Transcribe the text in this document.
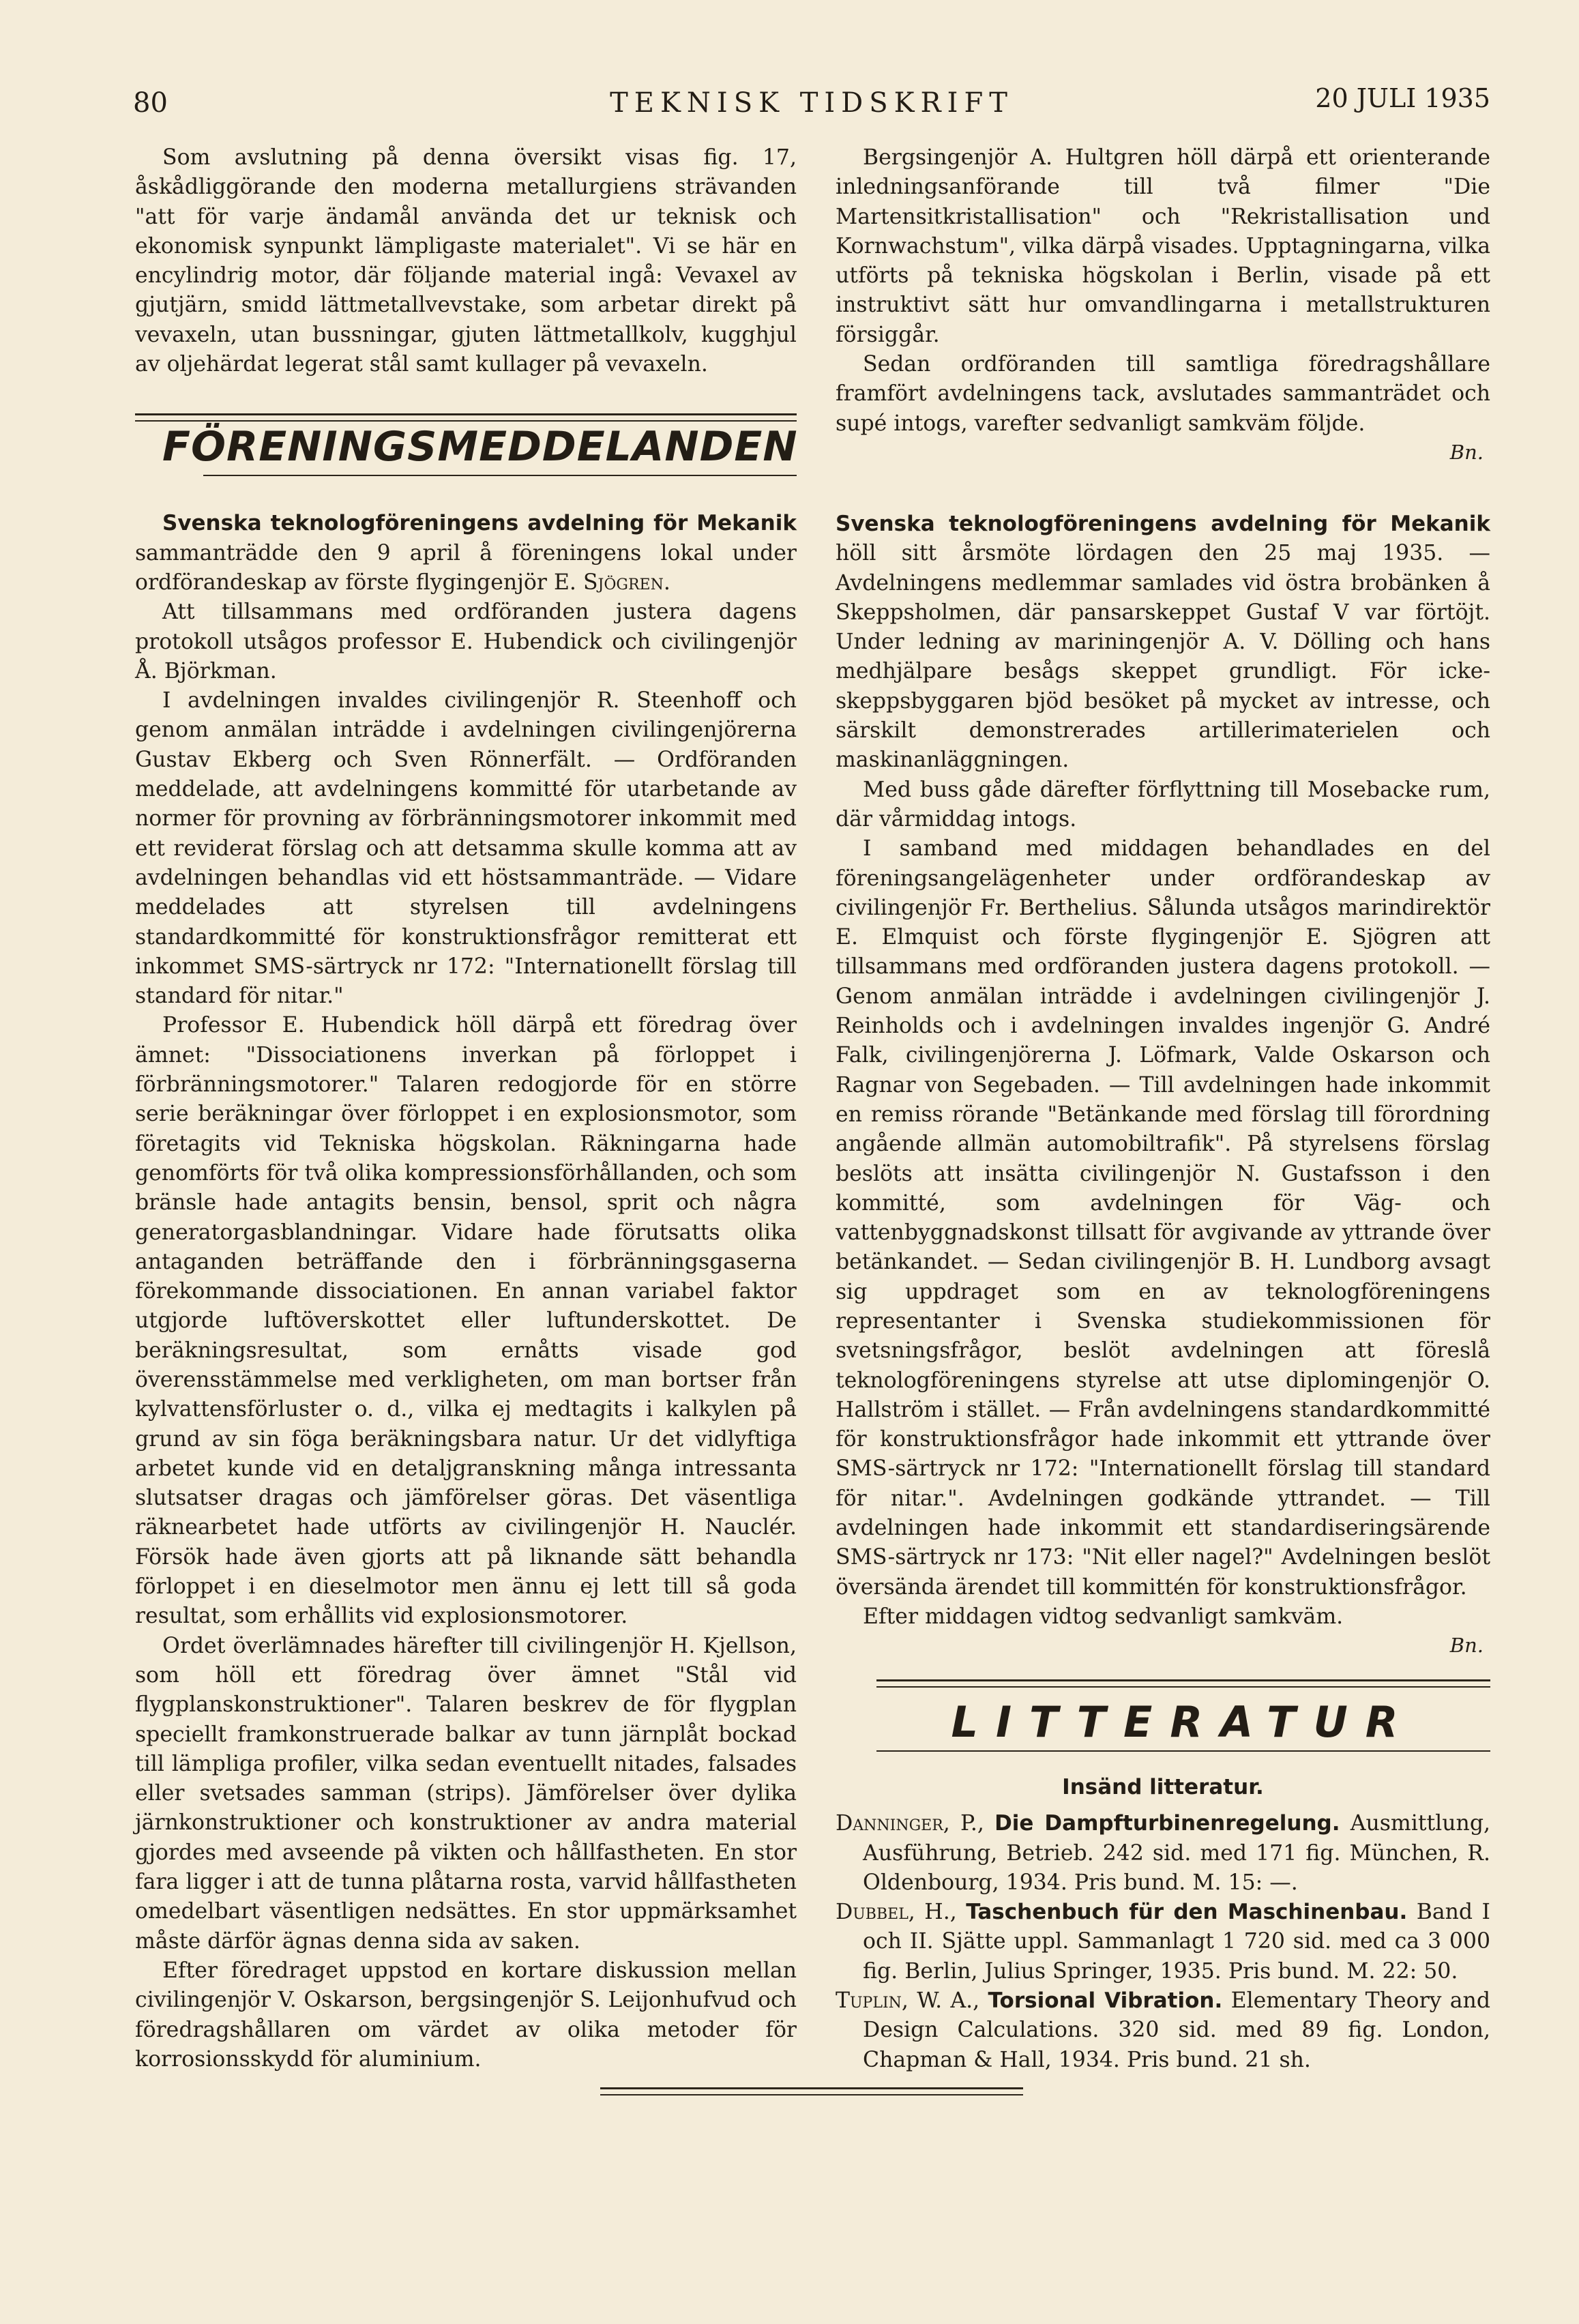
80	TEKNISK TIDSKRIFT	20 JULI 1935

Som avslutning på denna översikt visas fig. 17, åskådliggörande den moderna metallurgiens strävanden "att för varje ändamål använda det ur teknisk och ekonomisk synpunkt lämpligaste materialet". Vi se här en encylindrig motor, där följande material ingå: Vevaxel av gjutjärn, smidd lättmetallvevstake, som arbetar direkt på vevaxeln, utan bussningar, gjuten lättmetallkolv, kugghjul av oljehärdat legerat stål samt kullager på vevaxeln.

FÖRENINGSMEDDELANDEN

Svenska teknologföreningens avdelning för Mekanik sammanträdde den 9 april å föreningens lokal under ordförandeskap av förste flygingenjör E. Sjögren.

Att tillsammans med ordföranden justera dagens protokoll utsågos professor E. Hubendick och civilingenjör Å. Björkman.

I avdelningen invaldes civilingenjör R. Steenhoff och genom anmälan inträdde i avdelningen civilingenjörerna Gustav Ekberg och Sven Rönnerfält. — Ordföranden meddelade, att avdelningens kommitté för utarbetande av normer för provning av förbränningsmotorer inkommit med ett reviderat förslag och att detsamma skulle komma att av avdelningen behandlas vid ett höstsammanträde. — Vidare meddelades att styrelsen till avdelningens standardkommitté för konstruktionsfrågor remitterat ett inkommet SMS-särtryck nr 172: "Internationellt förslag till standard för nitar."

Professor E. Hubendick höll därpå ett föredrag över ämnet: "Dissociationens inverkan på förloppet i förbränningsmotorer." Talaren redogjorde för en större serie beräkningar över förloppet i en explosionsmotor, som företagits vid Tekniska högskolan. Räkningarna hade genomförts för två olika kompressionsförhållanden, och som bränsle hade antagits bensin, bensol, sprit och några generatorgasblandningar. Vidare hade förutsatts olika antaganden beträffande den i förbränningsgaserna förekommande dissociationen. En annan variabel faktor utgjorde luftöverskottet eller luftunderskottet. De beräkningsresultat, som ernåtts visade god överensstämmelse med verkligheten, om man bortser från kylvattensförluster o. d., vilka ej medtagits i kalkylen på grund av sin föga beräkningsbara natur. Ur det vidlyftiga arbetet kunde vid en detaljgranskning många intressanta slutsatser dragas och jämförelser göras. Det väsentliga räknearbetet hade utförts av civilingenjör H. Nauclér. Försök hade även gjorts att på liknande sätt behandla förloppet i en dieselmotor men ännu ej lett till så goda resultat, som erhållits vid explosionsmotorer.

Ordet överlämnades härefter till civilingenjör H. Kjellson, som höll ett föredrag över ämnet "Stål vid flygplanskonstruktioner". Talaren beskrev de för flygplan speciellt framkonstruerade balkar av tunn järnplåt bockad till lämpliga profiler, vilka sedan eventuellt nitades, falsades eller svetsades samman (strips). Jämförelser över dylika järnkonstruktioner och konstruktioner av andra material gjordes med avseende på vikten och hållfastheten. En stor fara ligger i att de tunna plåtarna rosta, varvid hållfastheten omedelbart väsentligen nedsättes. En stor uppmärksamhet måste därför ägnas denna sida av saken.

Efter föredraget uppstod en kortare diskussion mellan civilingenjör V. Oskarson, bergsingenjör S. Leijonhufvud och föredragshållaren om värdet av olika metoder för korrosionsskydd för aluminium.

Bergsingenjör A. Hultgren höll därpå ett orienterande inledningsanförande till två filmer "Die Martensitkristallisation" och "Rekristallisation und Kornwachstum", vilka därpå visades. Upptagningarna, vilka utförts på tekniska högskolan i Berlin, visade på ett instruktivt sätt hur omvandlingarna i metallstrukturen försiggår.

Sedan ordföranden till samtliga föredragshållare framfört avdelningens tack, avslutades sammanträdet och supé intogs, varefter sedvanligt samkväm följde.

Bn.

Svenska teknologföreningens avdelning för Mekanik höll sitt årsmöte lördagen den 25 maj 1935. — Avdelningens medlemmar samlades vid östra brobänken å Skeppsholmen, där pansarskeppet Gustaf V var förtöjt. Under ledning av mariningenjör A. V. Dölling och hans medhjälpare besågs skeppet grundligt. För icke-skeppsbyggaren bjöd besöket på mycket av intresse, och särskilt demonstrerades artillerimaterielen och maskinanläggningen.

Med buss gåde därefter förflyttning till Mosebacke rum, där vårmiddag intogs.

I samband med middagen behandlades en del föreningsangelägenheter under ordförandeskap av civilingenjör Fr. Berthelius. Sålunda utsågos marindirektör E. Elmquist och förste flygingenjör E. Sjögren att tillsammans med ordföranden justera dagens protokoll. — Genom anmälan inträdde i avdelningen civilingenjör J. Reinholds och i avdelningen invaldes ingenjör G. André Falk, civilingenjörerna J. Löfmark, Valde Oskarson och Ragnar von Segebaden. — Till avdelningen hade inkommit en remiss rörande "Betänkande med förslag till förordning angående allmän automobiltrafik". På styrelsens förslag beslöts att insätta civilingenjör N. Gustafsson i den kommitté, som avdelningen för Väg- och vattenbyggnadskonst tillsatt för avgivande av yttrande över betänkandet. — Sedan civilingenjör B. H. Lundborg avsagt sig uppdraget som en av teknologföreningens representanter i Svenska studiekommissionen för svetsningsfrågor, beslöt avdelningen att föreslå teknologföreningens styrelse att utse diplomingenjör O. Hallström i stället. — Från avdelningens standardkommitté för konstruktionsfrågor hade inkommit ett yttrande över SMS-särtryck nr 172: "Internationellt förslag till standard för nitar.". Avdelningen godkände yttrandet. — Till avdelningen hade inkommit ett standardiseringsärende SMS-särtryck nr 173: "Nit eller nagel?" Avdelningen beslöt översända ärendet till kommittén för konstruktionsfrågor.

Efter middagen vidtog sedvanligt samkväm.

Bn.
LITTERATUR
Insänd litteratur.

Danninger, P., Die Dampfturbinenregelung. Ausmittlung, Ausführung, Betrieb. 242 sid. med 171 fig. München, R. Oldenbourg, 1934. Pris bund. M. 15: —.

Dubbel, H., Taschenbuch für den Maschinenbau. Band I och II. Sjätte uppl. Sammanlagt 1 720 sid. med ca 3 000 fig. Berlin, Julius Springer, 1935. Pris bund. M. 22: 50.

Tuplin, W. A., Torsional Vibration. Elementary Theory and Design Calculations. 320 sid. med 89 fig. London, Chapman & Hall, 1934. Pris bund. 21 sh.
